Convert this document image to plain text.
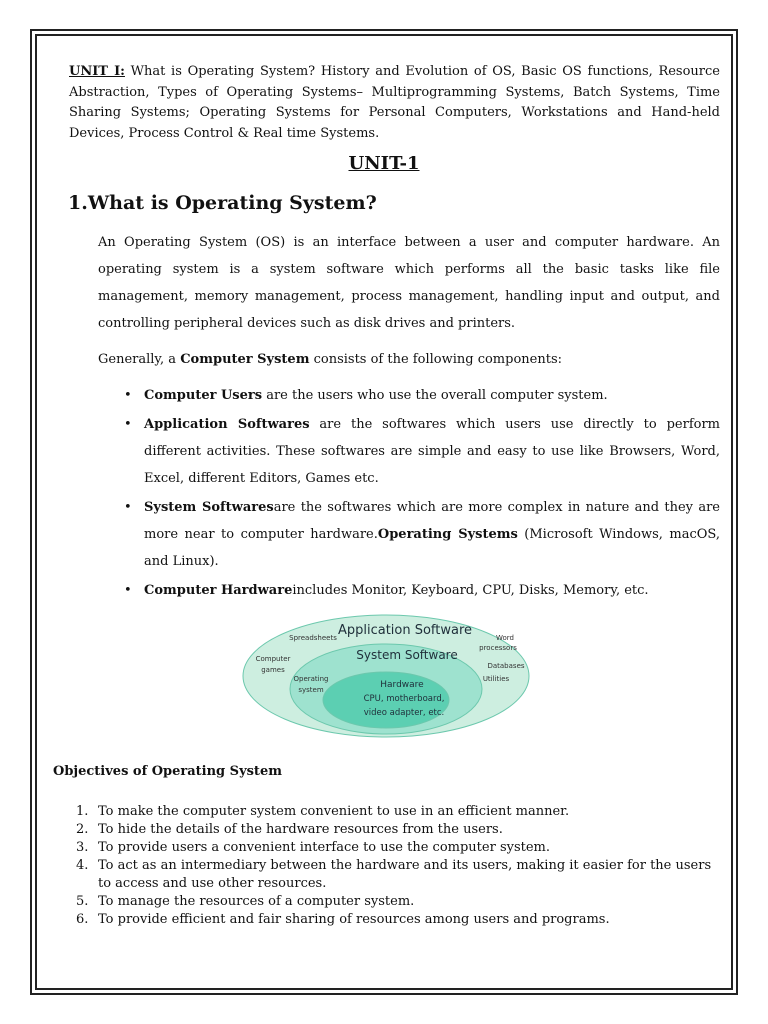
UNIT I: What is Operating System? History and Evolution of OS, Basic OS functions, Resource Abstraction, Types of Operating Systems– Multiprogramming Systems, Batch Systems, Time Sharing Systems; Operating Systems for Personal Computers, Workstations and Hand-held Devices, Process Control & Real time Systems.
UNIT-1
1.What is Operating System?
An Operating System (OS) is an interface between a user and computer hardware. An operating system is a system software which performs all the basic tasks like file management, memory management, process management, handling input and output, and controlling peripheral devices such as disk drives and printers.
Generally, a Computer System consists of the following components:
• Computer Users are the users who use the overall computer system.
• Application Softwares are the softwares which users use directly to perform different activities. These softwares are simple and easy to use like Browsers, Word, Excel, different Editors, Games etc.
• System Softwaresare the softwares which are more complex in nature and they are more near to computer hardware.Operating Systems (Microsoft Windows, macOS, and Linux).
• Computer Hardwareincludes Monitor, Keyboard, CPU, Disks, Memory, etc.
Application Software
Spreadsheets	Word
processors
Databases
Computer
games
System Software
Operating
system
Utilities
Hardware
CPU, motherboard,
video adapter, etc.
Objectives of Operating System
1. To make the computer system convenient to use in an efficient manner.
2. To hide the details of the hardware resources from the users.
3. To provide users a convenient interface to use the computer system.
4. To act as an intermediary between the hardware and its users, making it easier for the users to access and use other resources.
5. To manage the resources of a computer system.
6. To provide efficient and fair sharing of resources among users and programs.
